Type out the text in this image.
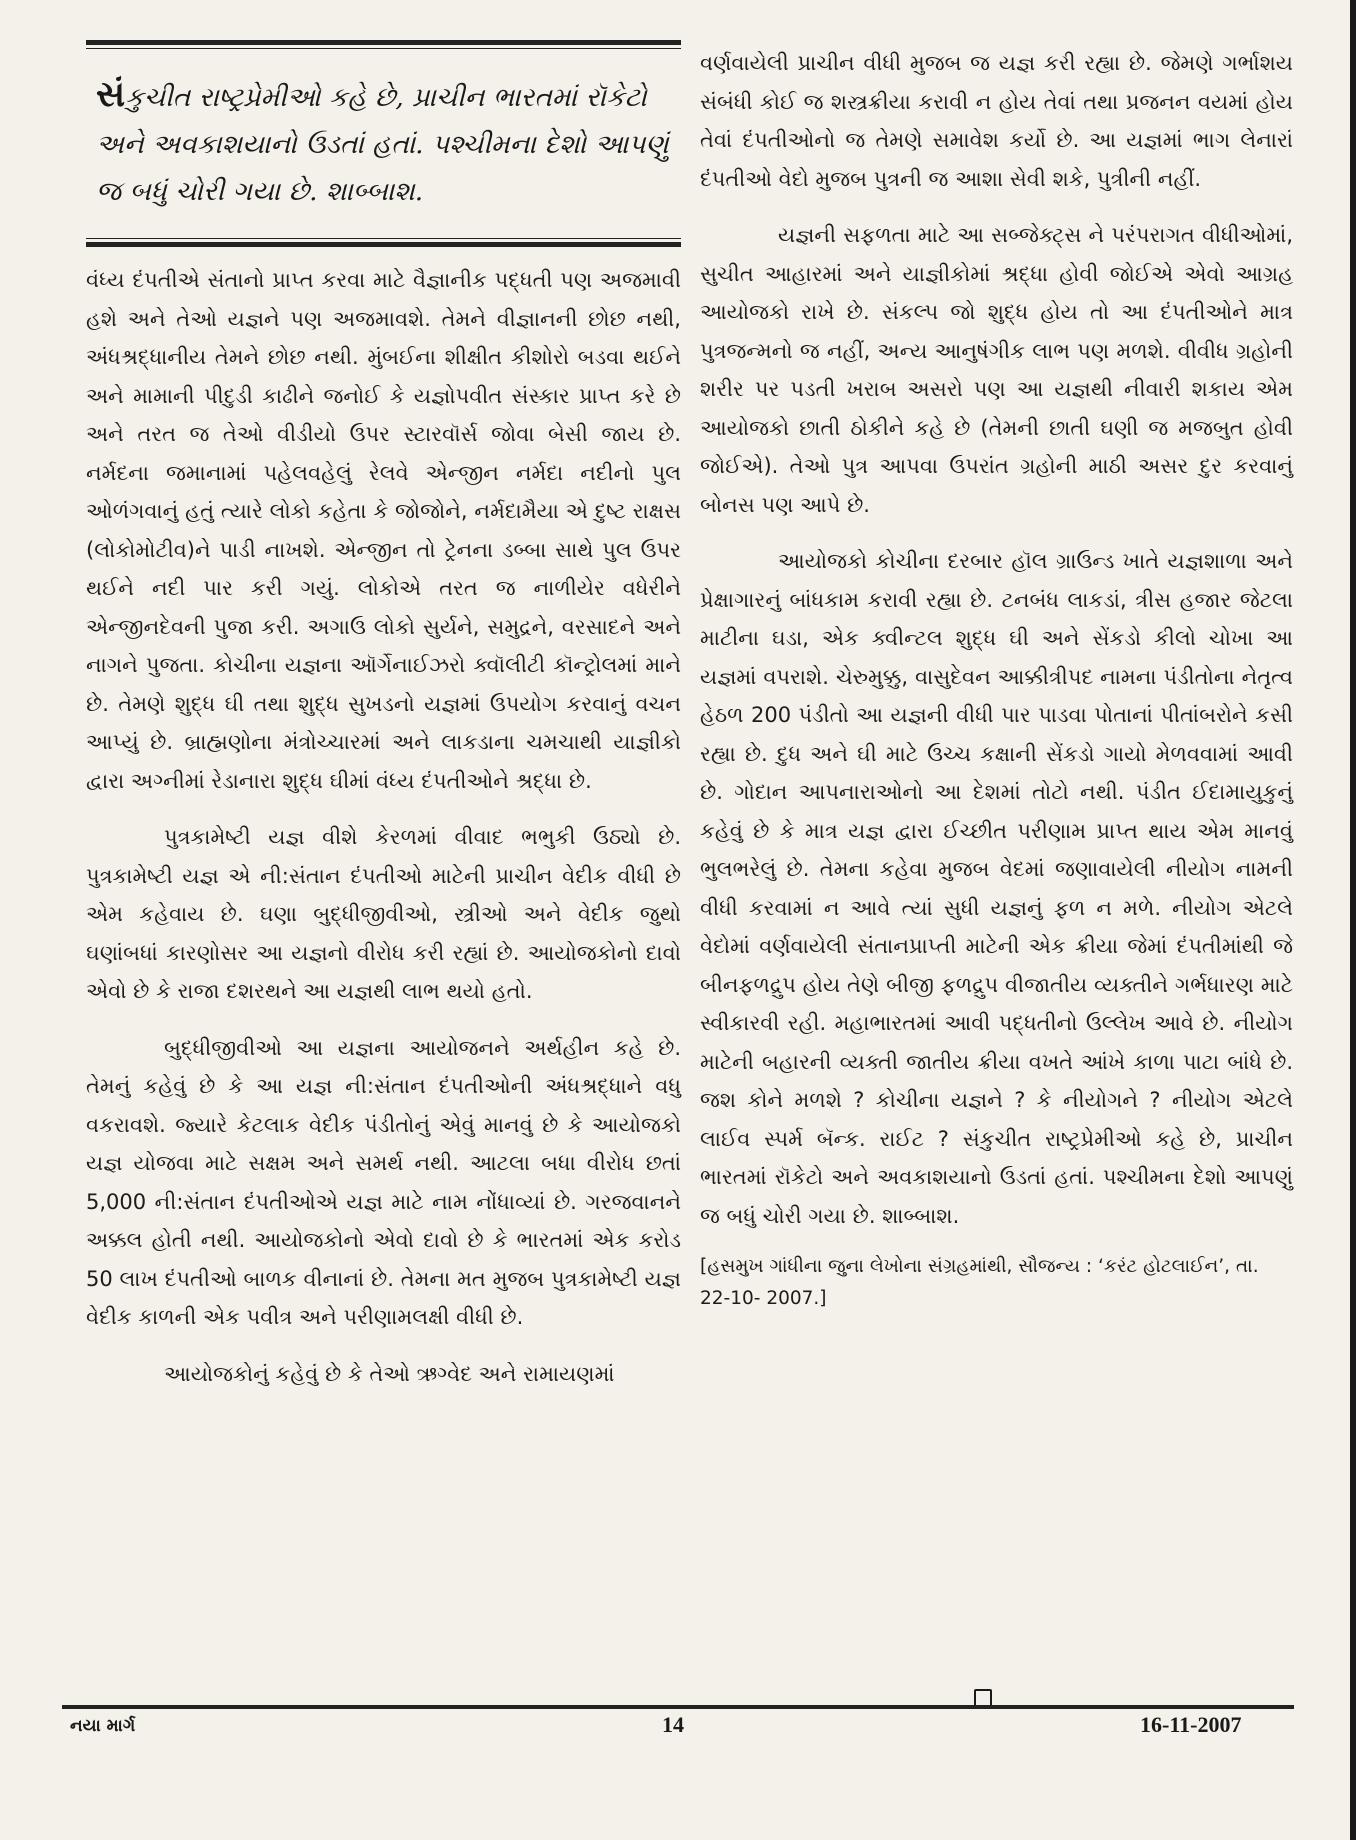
સંકુચીત રાષ્ટ્રપ્રેમીઓ કહે છે, પ્રાચીન ભારતમાં રૉકેટો અને અવકાશયાનો ઉડતાં હતાં. પશ્ચીમના દેશો આપણું જ બધું ચોરી ગયા છે. શાબ્બાશ.

વંધ્ય દંપતીએ સંતાનો પ્રાપ્ત કરવા માટે વૈજ્ઞાનીક પદ્ધતી પણ અજમાવી હશે અને તેઓ યજ્ઞને પણ અજમાવશે. તેમને વીજ્ઞાનની છોછ નથી, અંધશ્રદ્ધાનીય તેમને છોછ નથી. મુંબઈના શીક્ષીત કીશોરો બડવા થઈને અને મામાની પીદુડી કાઢીને જનોઈ કે યજ્ઞોપવીત સંસ્કાર પ્રાપ્ત કરે છે અને તરત જ તેઓ વીડીયો ઉપર સ્ટારવૉર્સ જોવા બેસી જાય છે. નર્મદના જમાનામાં પહેલવહેલું રેલવે એન્જીન નર્મદા નદીનો પુલ ઓળંગવાનું હતું ત્યારે લોકો કહેતા કે જોજોને, નર્મદામૈયા એ દુષ્ટ રાક્ષસ (લોકોમોટીવ)ને પાડી નાખશે. એન્જીન તો ટ્રેનના ડબ્બા સાથે પુલ ઉપર થઈને નદી પાર કરી ગયું. લોકોએ તરત જ નાળીયેર વધેરીને એન્જીનદેવની પુજા કરી. અગાઉ લોકો સુર્યને, સમુદ્રને, વરસાદને અને નાગને પુજતા. કોચીના યજ્ઞના ઑર્ગેનાઈઝરો ક્વૉલીટી કૉન્ટ્રોલમાં માને છે. તેમણે શુદ્ધ ઘી તથા શુદ્ધ સુખડનો યજ્ઞમાં ઉપયોગ કરવાનું વચન આપ્યું છે. બ્રાહ્મણોના મંત્રોચ્ચારમાં અને લાકડાના ચમચાથી યાજ્ઞીકો દ્વારા અગ્નીમાં રેડાનારા શુદ્ધ ઘીમાં વંધ્ય દંપતીઓને શ્રદ્ધા છે.

પુત્રકામેષ્ટી યજ્ઞ વીશે કેરળમાં વીવાદ ભભુકી ઉઠ્યો છે. પુત્રકામેષ્ટી યજ્ઞ એ ની:સંતાન દંપતીઓ માટેની પ્રાચીન વેદીક વીધી છે એમ કહેવાય છે. ઘણા બુદ્ધીજીવીઓ, સ્ત્રીઓ અને વેદીક જુથો ઘણાંબધાં કારણોસર આ યજ્ઞનો વીરોધ કરી રહ્યાં છે. આયોજકોનો દાવો એવો છે કે રાજા દશરથને આ યજ્ઞથી લાભ થયો હતો.

બુદ્ધીજીવીઓ આ યજ્ઞના આયોજનને અર્થહીન કહે છે. તેમનું કહેવું છે કે આ યજ્ઞ ની:સંતાન દંપતીઓની અંધશ્રદ્ધાને વધુ વકરાવશે. જ્યારે કેટલાક વેદીક પંડીતોનું એવું માનવું છે કે આયોજકો યજ્ઞ યોજવા માટે સક્ષમ અને સમર્થ નથી. આટલા બધા વીરોધ છતાં 5,000 ની:સંતાન દંપતીઓએ યજ્ઞ માટે નામ નોંધાવ્યાં છે. ગરજવાનને અક્કલ હોતી નથી. આયોજકોનો એવો દાવો છે કે ભારતમાં એક કરોડ 50 લાખ દંપતીઓ બાળક વીનાનાં છે. તેમના મત મુજબ પુત્રકામેષ્ટી યજ્ઞ વેદીક કાળની એક પવીત્ર અને પરીણામલક્ષી વીધી છે.

આયોજકોનું કહેવું છે કે તેઓ ઋગ્વેદ અને રામાયણમાં

વર્ણવાયેલી પ્રાચીન વીધી મુજબ જ યજ્ઞ કરી રહ્યા છે. જેમણે ગર્ભાશય સંબંધી કોઈ જ શસ્ત્રક્રીયા કરાવી ન હોય તેવાં તથા પ્રજનન વયમાં હોય તેવાં દંપતીઓનો જ તેમણે સમાવેશ કર્યો છે. આ યજ્ઞમાં ભાગ લેનારાં દંપતીઓ વેદો મુજબ પુત્રની જ આશા સેવી શકે, પુત્રીની નહીં.

યજ્ઞની સફળતા માટે આ સબ્જેક્ટ્સ ને પરંપરાગત વીધીઓમાં, સુચીત આહારમાં અને યાજ્ઞીકોમાં શ્રદ્ધા હોવી જોઈએ એવો આગ્રહ આયોજકો રાખે છે. સંકલ્પ જો શુદ્ધ હોય તો આ દંપતીઓને માત્ર પુત્રજન્મનો જ નહીં, અન્ય આનુષંગીક લાભ પણ મળશે. વીવીધ ગ્રહોની શરીર પર પડતી ખરાબ અસરો પણ આ યજ્ઞથી નીવારી શકાય એમ આયોજકો છાતી ઠોકીને કહે છે (તેમની છાતી ઘણી જ મજબુત હોવી જોઈએ). તેઓ પુત્ર આપવા ઉપરાંત ગ્રહોની માઠી અસર દુર કરવાનું બોનસ પણ આપે છે.

આયોજકો કોચીના દરબાર હૉલ ગ્રાઉન્ડ ખાતે યજ્ઞશાળા અને પ્રેક્ષાગારનું બાંધકામ કરાવી રહ્યા છે. ટનબંધ લાકડાં, ત્રીસ હજાર જેટલા માટીના ઘડા, એક ક્વીન્ટલ શુદ્ધ ઘી અને સેંકડો કીલો ચોખા આ યજ્ઞમાં વપરાશે. ચેરુમુક્કુ, વાસુદેવન આક્કીત્રીપદ નામના પંડીતોના નેતૃત્વ હેઠળ 200 પંડીતો આ યજ્ઞની વીધી પાર પાડવા પોતાનાં પીતાંબરોને કસી રહ્યા છે. દુધ અને ઘી માટે ઉચ્ચ કક્ષાની સેંકડો ગાયો મેળવવામાં આવી છે. ગોદાન આપનારાઓનો આ દેશમાં તોટો નથી. પંડીત ઈદામાયુકુનું કહેવું છે કે માત્ર યજ્ઞ દ્વારા ઈચ્છીત પરીણામ પ્રાપ્ત થાય એમ માનવું ભુલભરેલું છે. તેમના કહેવા મુજબ વેદમાં જણાવાયેલી નીયોગ નામની વીધી કરવામાં ન આવે ત્યાં સુધી યજ્ઞનું ફળ ન મળે. નીયોગ એટલે વેદોમાં વર્ણવાયેલી સંતાનપ્રાપ્તી માટેની એક ક્રીયા જેમાં દંપતીમાંથી જે બીનફળદ્રુપ હોય તેણે બીજી ફળદ્રુપ વીજાતીય વ્યક્તીને ગર્ભધારણ માટે સ્વીકારવી રહી. મહાભારતમાં આવી પદ્ધતીનો ઉલ્લેખ આવે છે. નીયોગ માટેની બહારની વ્યક્તી જાતીય ક્રીયા વખતે આંખે કાળા પાટા બાંધે છે. જશ કોને મળશે ? કોચીના યજ્ઞને ? કે નીયોગને ? નીયોગ એટલે લાઈવ સ્પર્મ બૅન્ક. રાઈટ ? સંકુચીત રાષ્ટ્રપ્રેમીઓ કહે છે, પ્રાચીન ભારતમાં રૉકેટો અને અવકાશયાનો ઉડતાં હતાં. પશ્ચીમના દેશો આપણું જ બધું ચોરી ગયા છે. શાબ્બાશ.

[હસમુખ ગાંધીના જુના લેખોના સંગ્રહમાંથી, સૌજન્ય : ‘કરંટ હોટલાઈન’, તા. 22-10- 2007.]
નયા માર્ગ	14	16-11-2007
